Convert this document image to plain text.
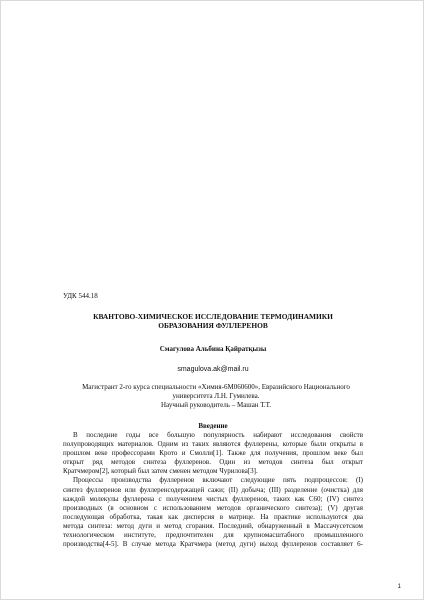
УДК 544.18
КВАНТОВО-ХИМИЧЕСКОЕ ИССЛЕДОВАНИЕ ТЕРМОДИНАМИКИ
ОБРАЗОВАНИЯ ФУЛЛЕРЕНОВ
Смагулова Альбина Қайратқызы
smagulova.ak@mail.ru
Магистрант 2-го курса специальности «Химия-6М060600», Евразийского Национального
университета Л.Н. Гумилева.
Научный руководитель – Машан Т.Т.
Введение
В последние годы все большую популярность набирают исследования свойств
полупроводящих материалов. Одним из таких являются фуллерены, которые были открыты в
прошлом веке профессорами Крото и Смолли[1]. Также для получения, прошлом веке был
открыт ряд методов синтеза фуллеренов. Один из методов синтеза был открыт
Кратчмером[2], который был затем сменен методом Чурилова[3].
Процессы производства фуллеренов включают следующие пять подпроцессов: (I)
синтез фуллеренов или фуллеренсодержащей сажи; (II) добыча; (III) разделение (очистка) для
каждой молекулы фуллерена с получением чистых фуллеренов, таких как С60; (IV) синтез
производных (в основном с использованием методов органического синтеза); (V) другая
последующая обработка, такая как дисперсия в матрице. На практике используются два
метода синтеза: метод дуги и метод сгорания. Последний, обнаруженный в Массачусетском
технологическом институте, предпочтителен для крупномасштабного промышленного
производства[4-5]. В случае метода Кратчмера (метод дуги) выход фуллеренов составляет 6-
1
